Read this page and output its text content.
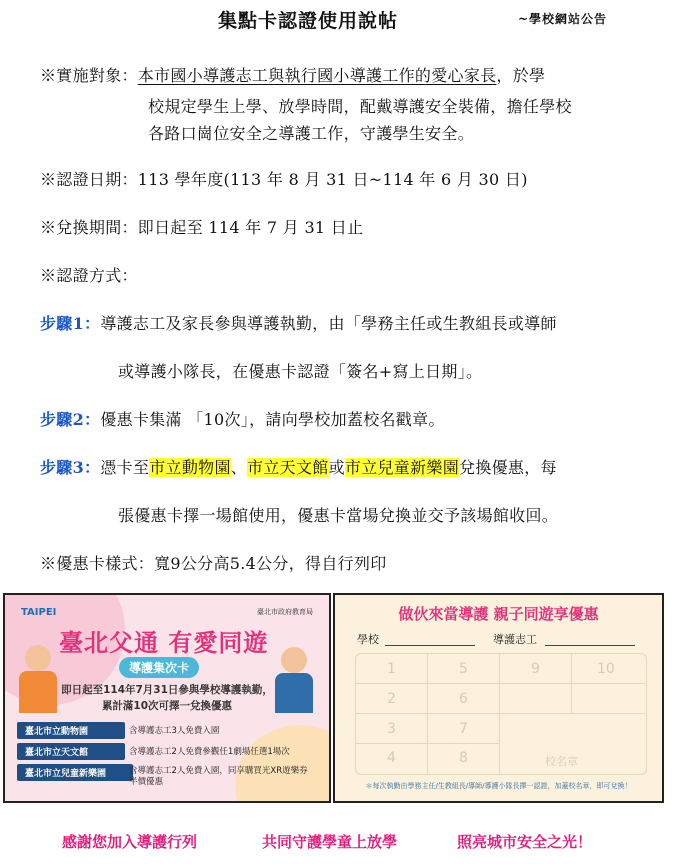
集點卡認證使用說帖	~學校網站公告
※實施對象：本市國小導護志工與執行國小導護工作的愛心家長，於學
校規定學生上學、放學時間，配戴導護安全裝備，擔任學校
各路口崗位安全之導護工作，守護學生安全。
※認證日期：113 學年度(113 年 8 月 31 日~114 年 6 月 30 日)
※兌換期間：即日起至 114 年 7 月 31 日止
※認證方式：
步驟1：導護志工及家長參與導護執勤，由「學務主任或生教組長或導師
或導護小隊長，在優惠卡認證「簽名+寫上日期」。
步驟2：優惠卡集滿 「10次」，請向學校加蓋校名戳章。
步驟3：憑卡至市立動物園、市立天文館或市立兒童新樂園兌換優惠，每
張優惠卡擇一場館使用，優惠卡當場兌換並交予該場館收回。
※優惠卡樣式：寬9公分高5.4公分，得自行列印
TAIPEI	臺北市政府教育局
臺北父通 有愛同遊
導護集次卡
即日起至114年7月31日參與學校導護執勤，
累計滿10次可擇一兌換優惠
臺北市立動物園	含導護志工3人免費入園
臺北市立天文館	含導護志工2人免費參觀任1劇場任選1場次
臺北市立兒童新樂園	含導護志工2人免費入園，同享購買光XR遊樂券半價優惠
做伙來當導護 親子同遊享優惠
學校	導護志工
1	5	9	10
2	6
3	7
4	8	校名章
＊每次執勤由學務主任/生教組長/導師/導護小隊長擇一認證，加蓋校名章，即可兌換！
感謝您加入導護行列	共同守護學童上放學	照亮城市安全之光！
